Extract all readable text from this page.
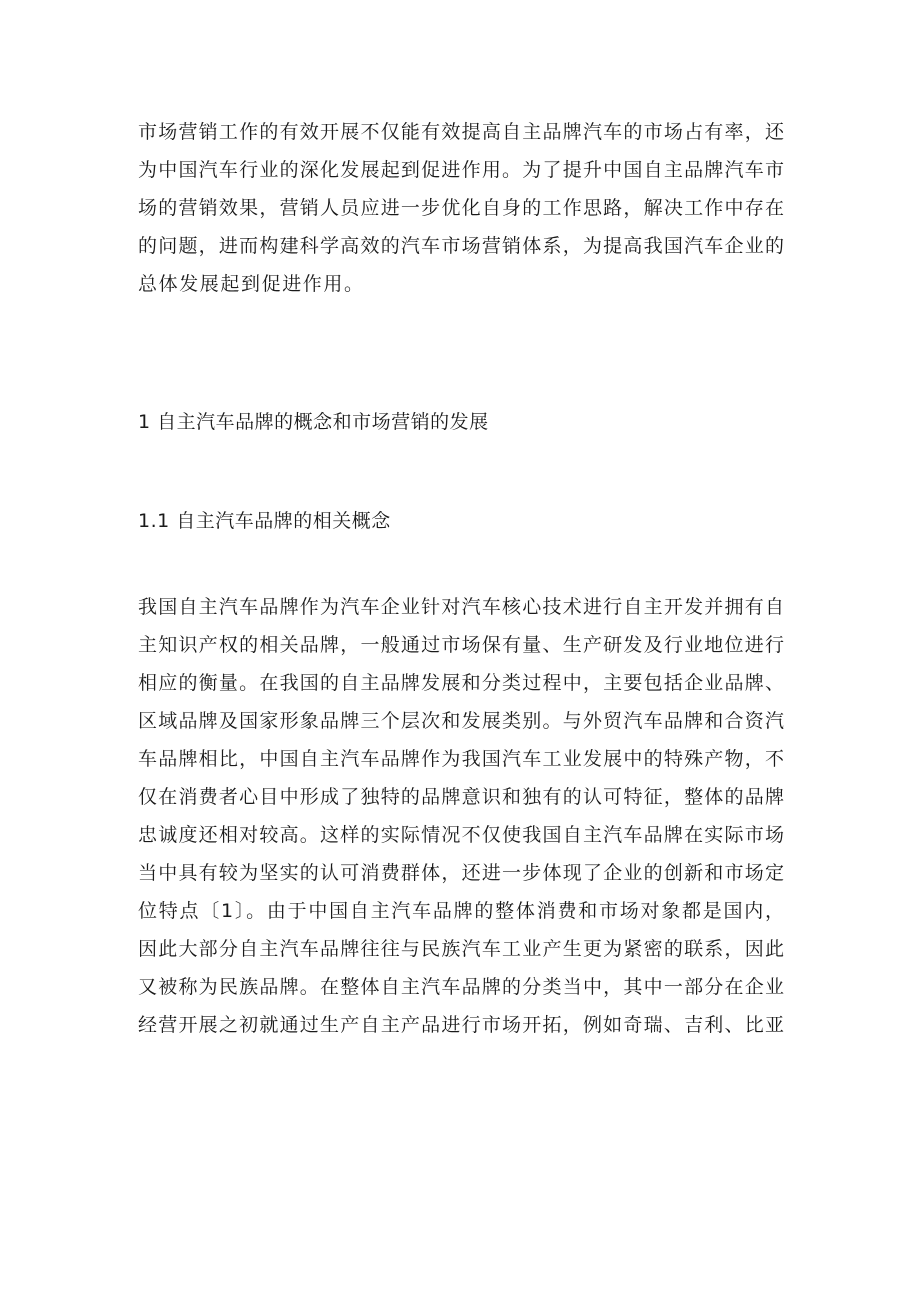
市场营销工作的有效开展不仅能有效提高自主品牌汽车的市场占有率，还
为中国汽车行业的深化发展起到促进作用。为了提升中国自主品牌汽车市
场的营销效果，营销人员应进一步优化自身的工作思路，解决工作中存在
的问题，进而构建科学高效的汽车市场营销体系，为提高我国汽车企业的
总体发展起到促进作用。
1 自主汽车品牌的概念和市场营销的发展
1.1 自主汽车品牌的相关概念
我国自主汽车品牌作为汽车企业针对汽车核心技术进行自主开发并拥有自
主知识产权的相关品牌，一般通过市场保有量、生产研发及行业地位进行
相应的衡量。在我国的自主品牌发展和分类过程中，主要包括企业品牌、
区域品牌及国家形象品牌三个层次和发展类别。与外贸汽车品牌和合资汽
车品牌相比，中国自主汽车品牌作为我国汽车工业发展中的特殊产物，不
仅在消费者心目中形成了独特的品牌意识和独有的认可特征，整体的品牌
忠诚度还相对较高。这样的实际情况不仅使我国自主汽车品牌在实际市场
当中具有较为坚实的认可消费群体，还进一步体现了企业的创新和市场定
位特点〔1〕。由于中国自主汽车品牌的整体消费和市场对象都是国内，
因此大部分自主汽车品牌往往与民族汽车工业产生更为紧密的联系，因此
又被称为民族品牌。在整体自主汽车品牌的分类当中，其中一部分在企业
经营开展之初就通过生产自主产品进行市场开拓，例如奇瑞、吉利、比亚
